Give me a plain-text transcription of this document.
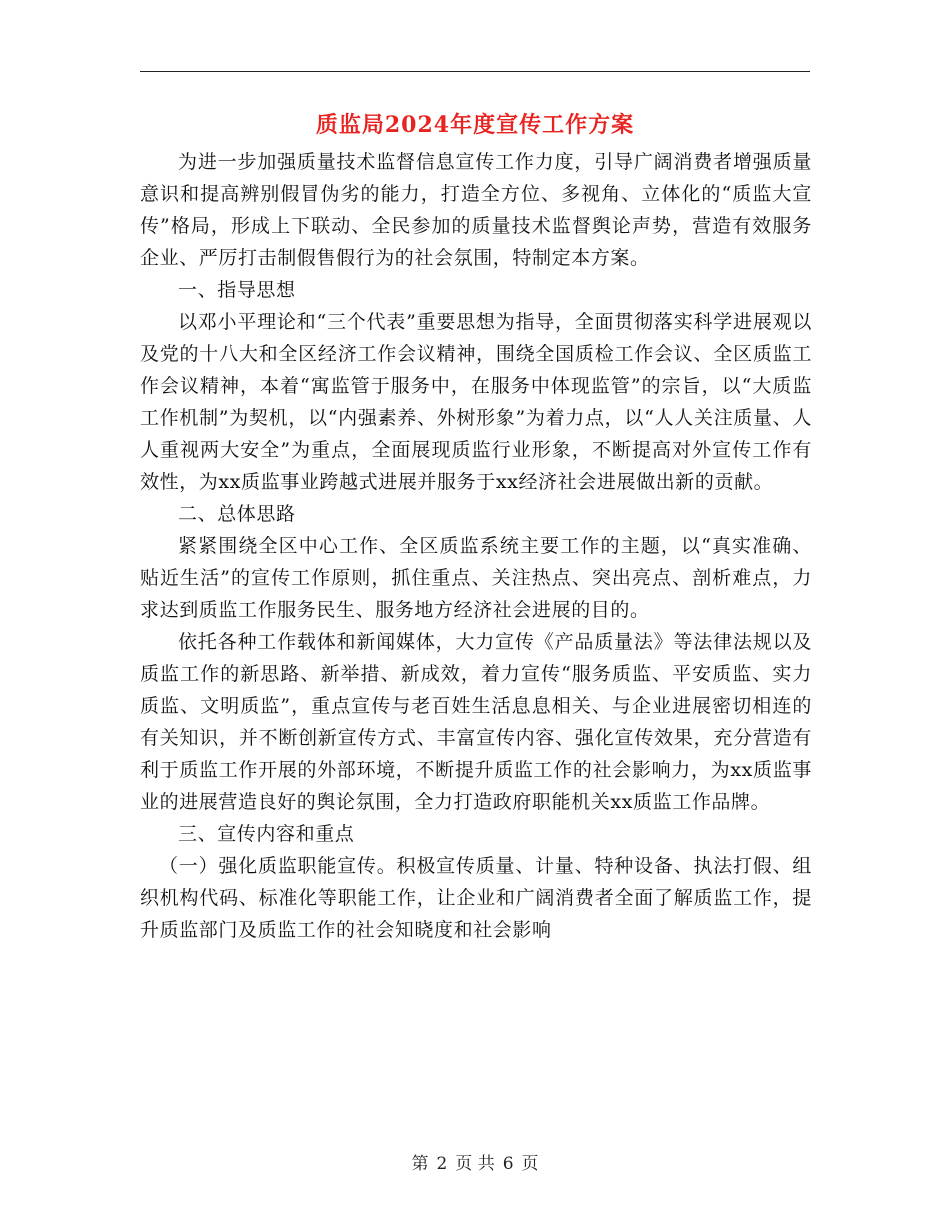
质监局2024年度宣传工作方案

为进一步加强质量技术监督信息宣传工作力度，引导广阔消费者增强质量意识和提高辨别假冒伪劣的能力，打造全方位、多视角、立体化的“质监大宣传”格局，形成上下联动、全民参加的质量技术监督舆论声势，营造有效服务企业、严厉打击制假售假行为的社会氛围，特制定本方案。

一、指导思想

以邓小平理论和“三个代表”重要思想为指导，全面贯彻落实科学进展观以及党的十八大和全区经济工作会议精神，围绕全国质检工作会议、全区质监工作会议精神，本着“寓监管于服务中，在服务中体现监管”的宗旨，以“大质监工作机制”为契机，以“内强素养、外树形象”为着力点，以“人人关注质量、人人重视两大安全”为重点，全面展现质监行业形象，不断提高对外宣传工作有效性，为xx质监事业跨越式进展并服务于xx经济社会进展做出新的贡献。

二、总体思路

紧紧围绕全区中心工作、全区质监系统主要工作的主题，以“真实准确、贴近生活”的宣传工作原则，抓住重点、关注热点、突出亮点、剖析难点，力求达到质监工作服务民生、服务地方经济社会进展的目的。

依托各种工作载体和新闻媒体，大力宣传《产品质量法》等法律法规以及质监工作的新思路、新举措、新成效，着力宣传“服务质监、平安质监、实力质监、文明质监”，重点宣传与老百姓生活息息相关、与企业进展密切相连的有关知识，并不断创新宣传方式、丰富宣传内容、强化宣传效果，充分营造有利于质监工作开展的外部环境，不断提升质监工作的社会影响力，为xx质监事业的进展营造良好的舆论氛围，全力打造政府职能机关xx质监工作品牌。

三、宣传内容和重点

（一）强化质监职能宣传。积极宣传质量、计量、特种设备、执法打假、组织机构代码、标准化等职能工作，让企业和广阔消费者全面了解质监工作，提升质监部门及质监工作的社会知晓度和社会影响

第 2 页 共 6 页
